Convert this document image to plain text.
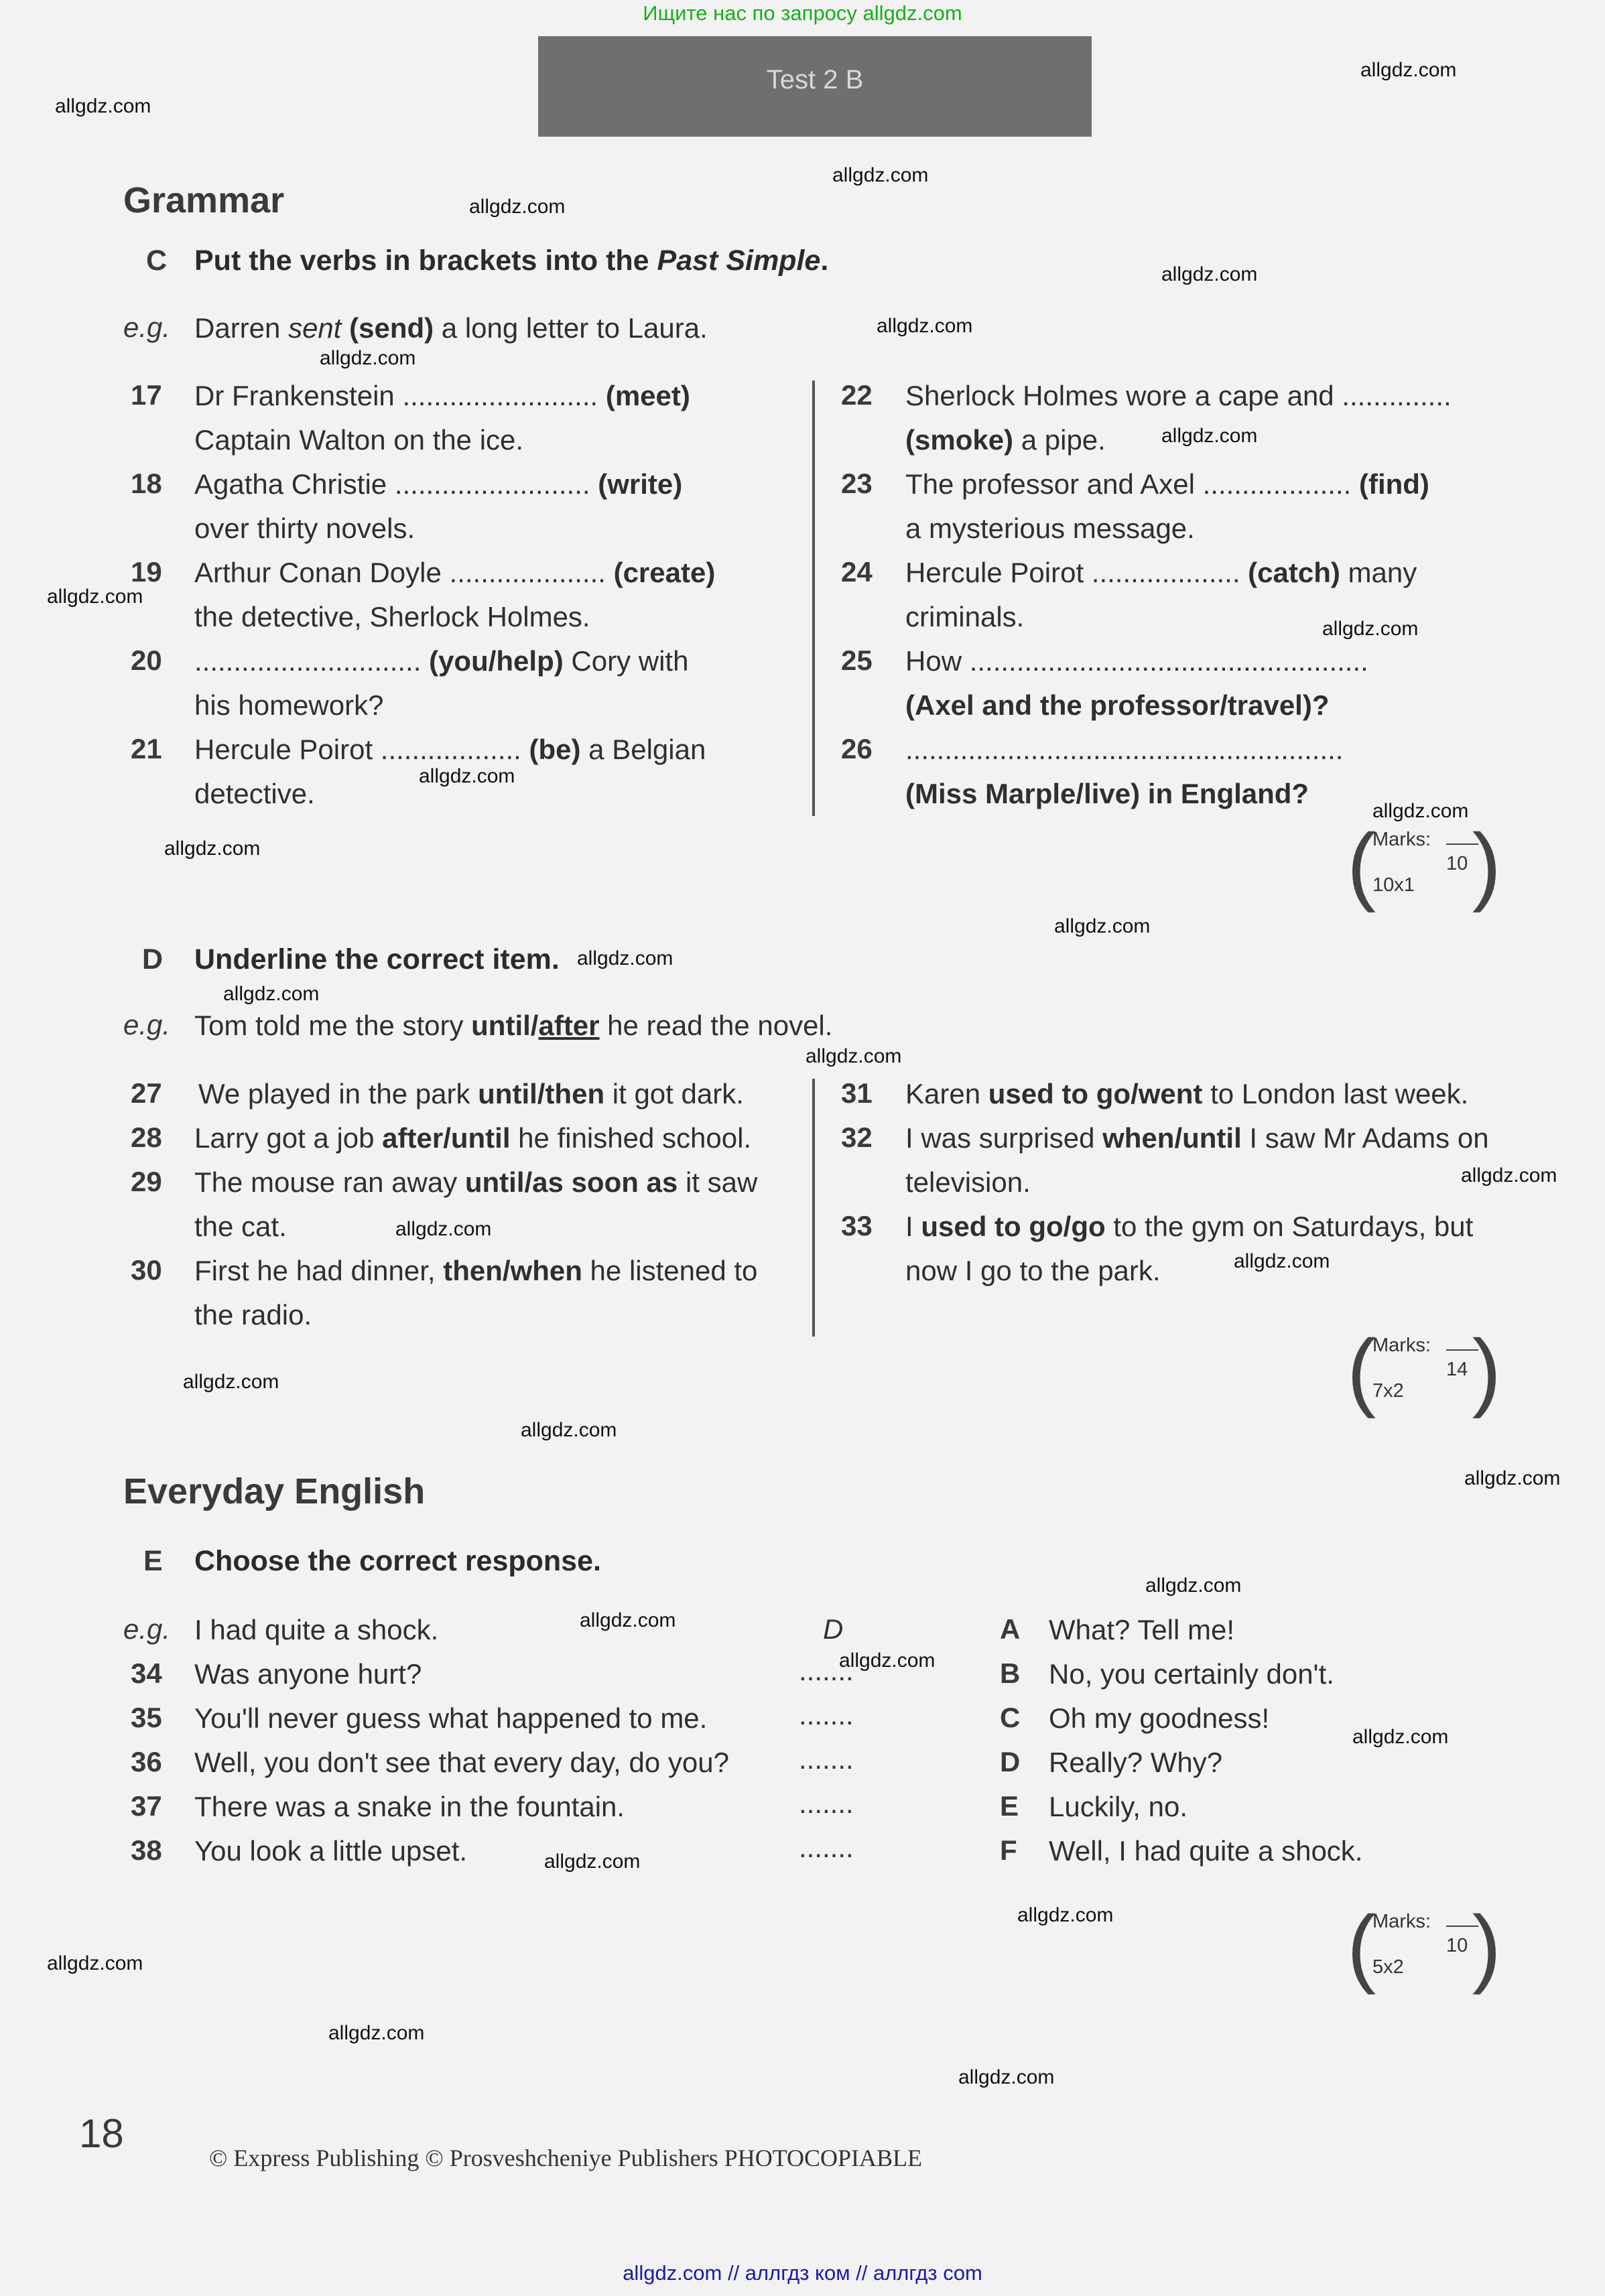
Ищите нас по запросу allgdz.com
Test 2 B	allgdz.com
allgdz.com
allgdz.com
allgdz.com
allgdz.com
allgdz.com
allgdz.com
allgdz.com
allgdz.com
allgdz.com
allgdz.com
allgdz.com
allgdz.com
allgdz.com
allgdz.com
allgdz.com
allgdz.com
allgdz.com
allgdz.com
allgdz.com
allgdz.com
allgdz.com
allgdz.com
allgdz.com
allgdz.com
allgdz.com
allgdz.com
allgdz.com
allgdz.com
allgdz.com
allgdz.com
allgdz.com
Grammar
C Put the verbs in brackets into the Past Simple.
e.g. Darren sent (send) a long letter to Laura.
17 Dr Frankenstein ......................... (meet)
Captain Walton on the ice.
18 Agatha Christie ......................... (write)
over thirty novels.
19 Arthur Conan Doyle .................... (create)
the detective, Sherlock Holmes.
20 ............................. (you/help) Cory with
his homework?
21 Hercule Poirot .................. (be) a Belgian
detective.
22 Sherlock Holmes wore a cape and ..............
(smoke) a pipe.
23 The professor and Axel ................... (find)
a mysterious message.
24 Hercule Poirot ................... (catch) many
criminals.
25 How ...................................................
(Axel and the professor/travel)?
26 ........................................................
(Miss Marple/live) in England?
( )
Marks:
10
10x1
D Underline the correct item.
e.g. Tom told me the story until/after he read the novel.
27 We played in the park until/then it got dark.
28 Larry got a job after/until he finished school.
29 The mouse ran away until/as soon as it saw
the cat.
30 First he had dinner, then/when he listened to
the radio.
31 Karen used to go/went to London last week.
32 I was surprised when/until I saw Mr Adams on
television.
33 I used to go/go to the gym on Saturdays, but
now I go to the park.
( )
Marks:
14
7x2
Everyday English
E Choose the correct response.
e.g. I had quite a shock.	D
34 Was anyone hurt?	.......
35 You'll never guess what happened to me.	.......
36 Well, you don't see that every day, do you? .......
37 There was a snake in the fountain.	.......
38 You look a little upset.	.......
A What? Tell me!
B No, you certainly don't.
C Oh my goodness!
D Really? Why?
E Luckily, no.
F Well, I had quite a shock.
( )
Marks:
10
5x2
18
© Express Publishing © Prosveshcheniye Publishers PHOTOCOPIABLE
allgdz.com // аллгдз ком // аллгдз com
